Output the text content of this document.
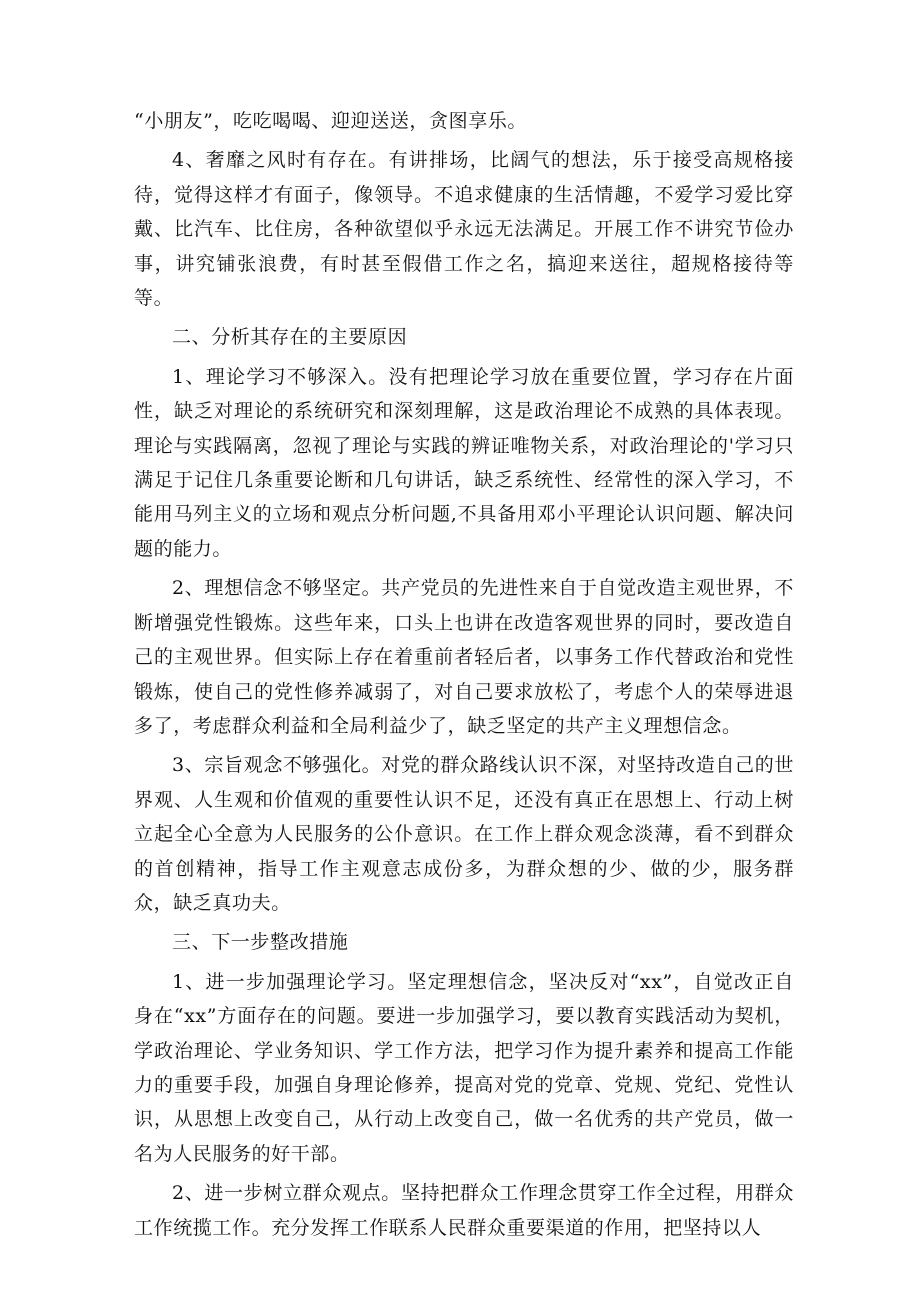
“小朋友”，吃吃喝喝、迎迎送送，贪图享乐。

4、奢靡之风时有存在。有讲排场，比阔气的想法，乐于接受高规格接待，觉得这样才有面子，像领导。不追求健康的生活情趣，不爱学习爱比穿戴、比汽车、比住房，各种欲望似乎永远无法满足。开展工作不讲究节俭办事，讲究铺张浪费，有时甚至假借工作之名，搞迎来送往，超规格接待等等。

二、分析其存在的主要原因

1、理论学习不够深入。没有把理论学习放在重要位置，学习存在片面性，缺乏对理论的系统研究和深刻理解，这是政治理论不成熟的具体表现。理论与实践隔离，忽视了理论与实践的辨证唯物关系，对政治理论的'学习只满足于记住几条重要论断和几句讲话，缺乏系统性、经常性的深入学习，不能用马列主义的立场和观点分析问题,不具备用邓小平理论认识问题、解决问题的能力。

2、理想信念不够坚定。共产党员的先进性来自于自觉改造主观世界，不断增强党性锻炼。这些年来，口头上也讲在改造客观世界的同时，要改造自己的主观世界。但实际上存在着重前者轻后者，以事务工作代替政治和党性锻炼，使自己的党性修养减弱了，对自己要求放松了，考虑个人的荣辱进退多了，考虑群众利益和全局利益少了，缺乏坚定的共产主义理想信念。

3、宗旨观念不够强化。对党的群众路线认识不深，对坚持改造自己的世界观、人生观和价值观的重要性认识不足，还没有真正在思想上、行动上树立起全心全意为人民服务的公仆意识。在工作上群众观念淡薄，看不到群众的首创精神，指导工作主观意志成份多，为群众想的少、做的少，服务群众，缺乏真功夫。

三、下一步整改措施

1、进一步加强理论学习。坚定理想信念，坚决反对“xx”，自觉改正自身在“xx”方面存在的问题。要进一步加强学习，要以教育实践活动为契机，学政治理论、学业务知识、学工作方法，把学习作为提升素养和提高工作能力的重要手段，加强自身理论修养，提高对党的党章、党规、党纪、党性认识，从思想上改变自己，从行动上改变自己，做一名优秀的共产党员，做一名为人民服务的好干部。

2、进一步树立群众观点。坚持把群众工作理念贯穿工作全过程，用群众工作统揽工作。充分发挥工作联系人民群众重要渠道的作用，把坚持以人
